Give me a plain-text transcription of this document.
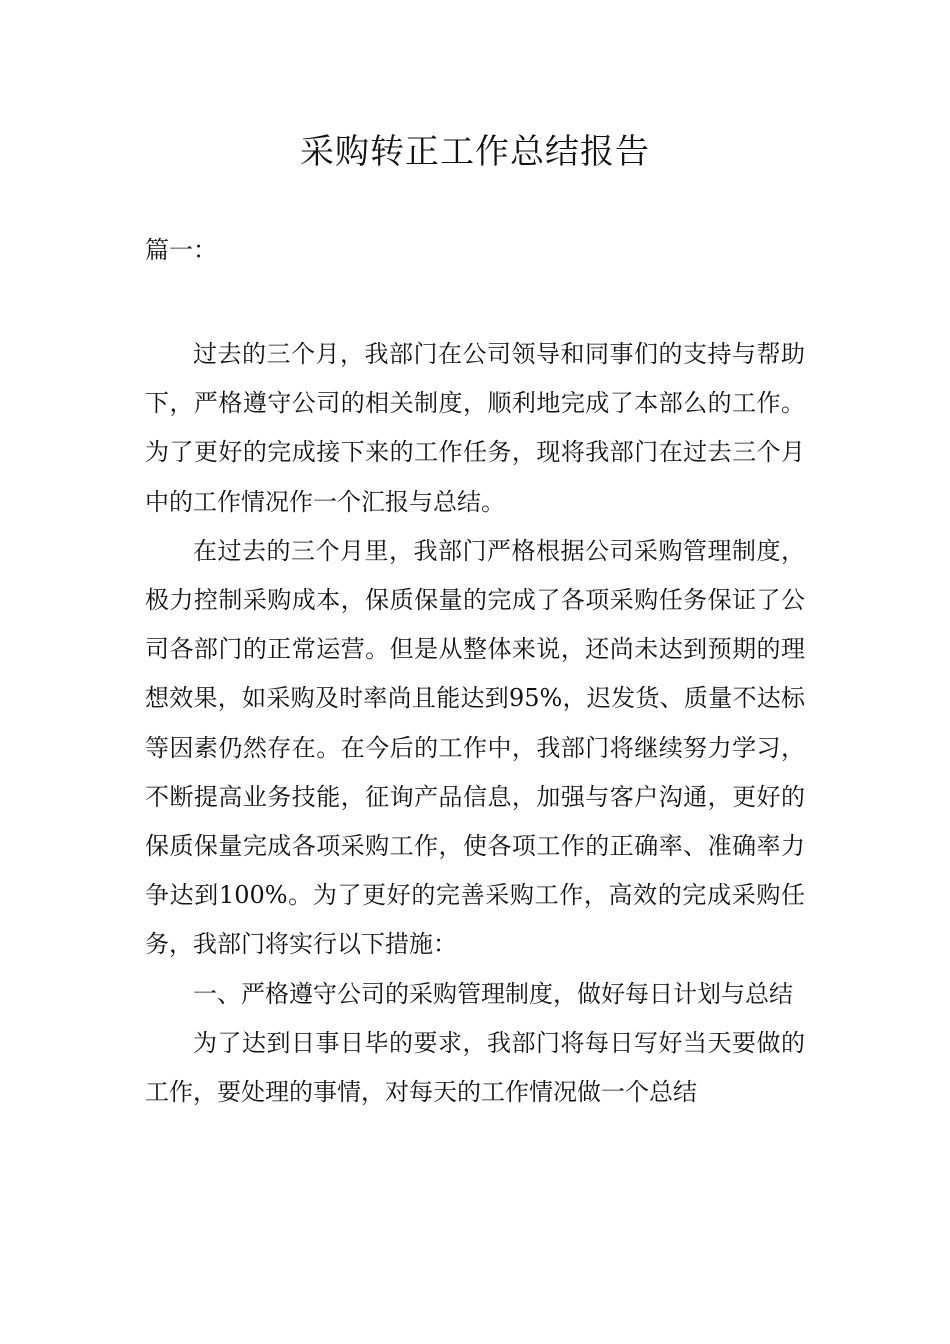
采购转正工作总结报告
篇一：

过去的三个月，我部门在公司领导和同事们的支持与帮助下，严格遵守公司的相关制度，顺利地完成了本部么的工作。为了更好的完成接下来的工作任务，现将我部门在过去三个月中的工作情况作一个汇报与总结。

在过去的三个月里，我部门严格根据公司采购管理制度，极力控制采购成本，保质保量的完成了各项采购任务保证了公司各部门的正常运营。但是从整体来说，还尚未达到预期的理想效果，如采购及时率尚且能达到95%，迟发货、质量不达标等因素仍然存在。在今后的工作中，我部门将继续努力学习，不断提高业务技能，征询产品信息，加强与客户沟通，更好的保质保量完成各项采购工作，使各项工作的正确率、准确率力争达到100%。为了更好的完善采购工作，高效的完成采购任务，我部门将实行以下措施：

一、严格遵守公司的采购管理制度，做好每日计划与总结

为了达到日事日毕的要求，我部门将每日写好当天要做的工作，要处理的事情，对每天的工作情况做一个总结
